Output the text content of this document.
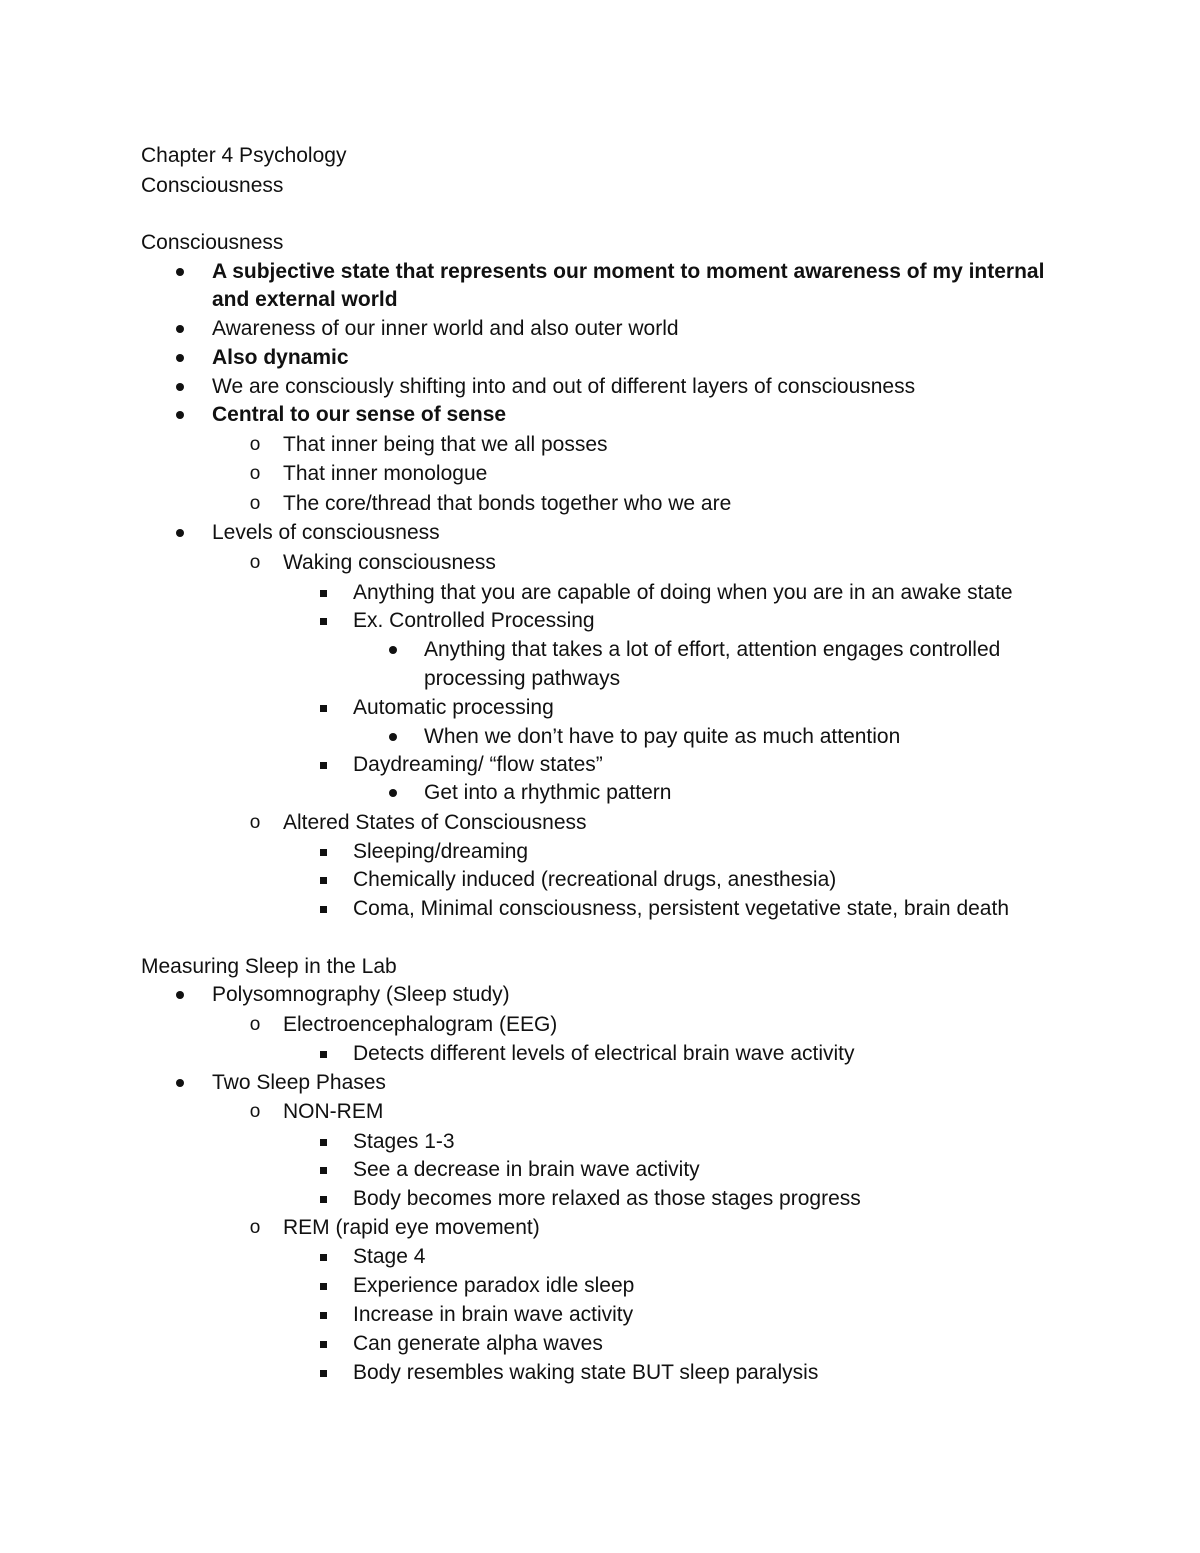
Chapter 4 Psychology
Consciousness
Consciousness
A subjective state that represents our moment to moment awareness of my internal
and external world
Awareness of our inner world and also outer world
Also dynamic
We are consciously shifting into and out of different layers of consciousness
Central to our sense of sense
o That inner being that we all posses
o That inner monologue
o The core/thread that bonds together who we are
Levels of consciousness
o Waking consciousness
Anything that you are capable of doing when you are in an awake state
Ex. Controlled Processing
Anything that takes a lot of effort, attention engages controlled
processing pathways
Automatic processing
When we don’t have to pay quite as much attention
Daydreaming/ “flow states”
Get into a rhythmic pattern
o Altered States of Consciousness
Sleeping/dreaming
Chemically induced (recreational drugs, anesthesia)
Coma, Minimal consciousness, persistent vegetative state, brain death
Measuring Sleep in the Lab
Polysomnography (Sleep study)
o Electroencephalogram (EEG)
Detects different levels of electrical brain wave activity
Two Sleep Phases
o NON-REM
Stages 1-3
See a decrease in brain wave activity
Body becomes more relaxed as those stages progress
o REM (rapid eye movement)
Stage 4
Experience paradox idle sleep
Increase in brain wave activity
Can generate alpha waves
Body resembles waking state BUT sleep paralysis
